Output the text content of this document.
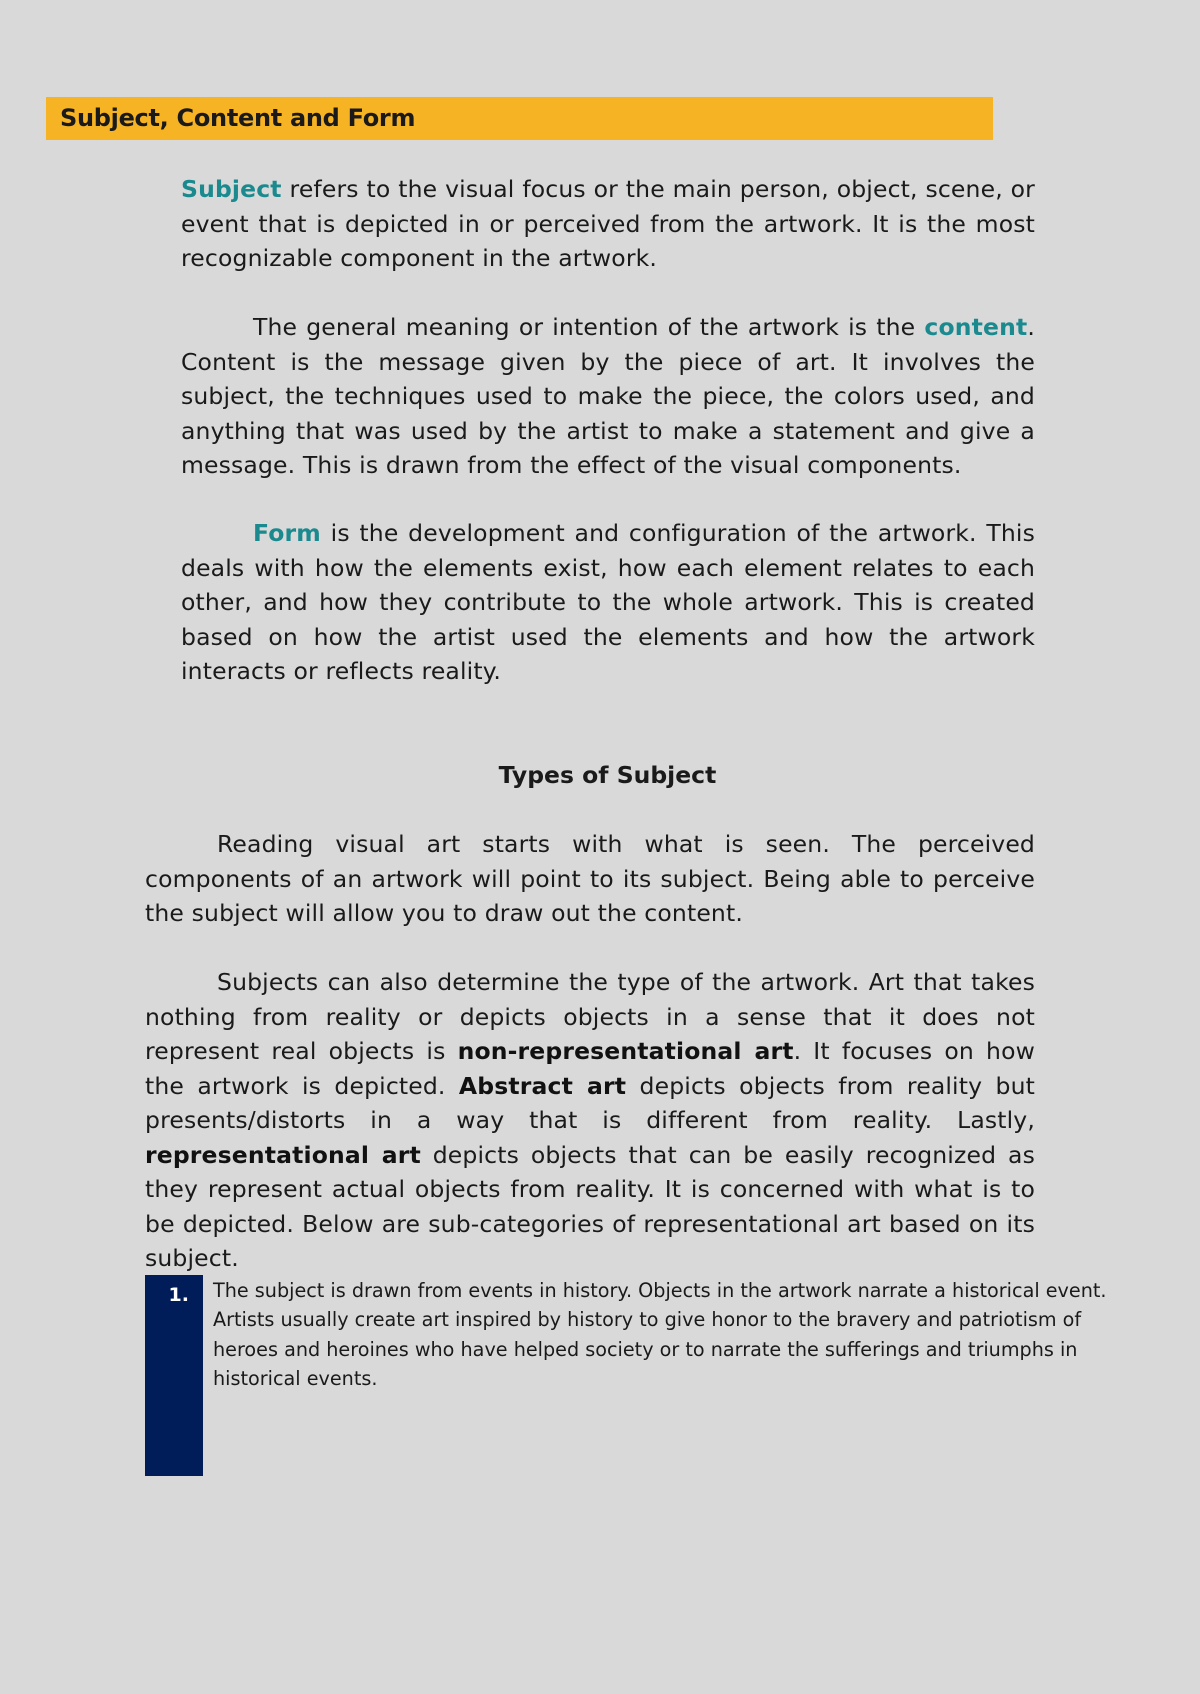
Subject, Content and Form

Subject refers to the visual focus or the main person, object, scene, or event that is depicted in or perceived from the artwork. It is the most recognizable component in the artwork.

The general meaning or intention of the artwork is the content. Content is the message given by the piece of art. It involves the subject, the techniques used to make the piece, the colors used, and anything that was used by the artist to make a statement and give a message. This is drawn from the effect of the visual components.

Form is the development and configuration of the artwork. This deals with how the elements exist, how each element relates to each other, and how they contribute to the whole artwork. This is created based on how the artist used the elements and how the artwork interacts or reflects reality.

Types of Subject

Reading visual art starts with what is seen. The perceived components of an artwork will point to its subject. Being able to perceive the subject will allow you to draw out the content.

Subjects can also determine the type of the artwork. Art that takes nothing from reality or depicts objects in a sense that it does not represent real objects is non-representational art. It focuses on how the artwork is depicted. Abstract art depicts objects from reality but presents/distorts in a way that is different from reality. Lastly, representational art depicts objects that can be easily recognized as they represent actual objects from reality. It is concerned with what is to be depicted. Below are sub-categories of representational art based on its subject.

1. The subject is drawn from events in history. Objects in the artwork narrate a historical event. Artists usually create art inspired by history to give honor to the bravery and patriotism of heroes and heroines who have helped society or to narrate the sufferings and triumphs in historical events.
